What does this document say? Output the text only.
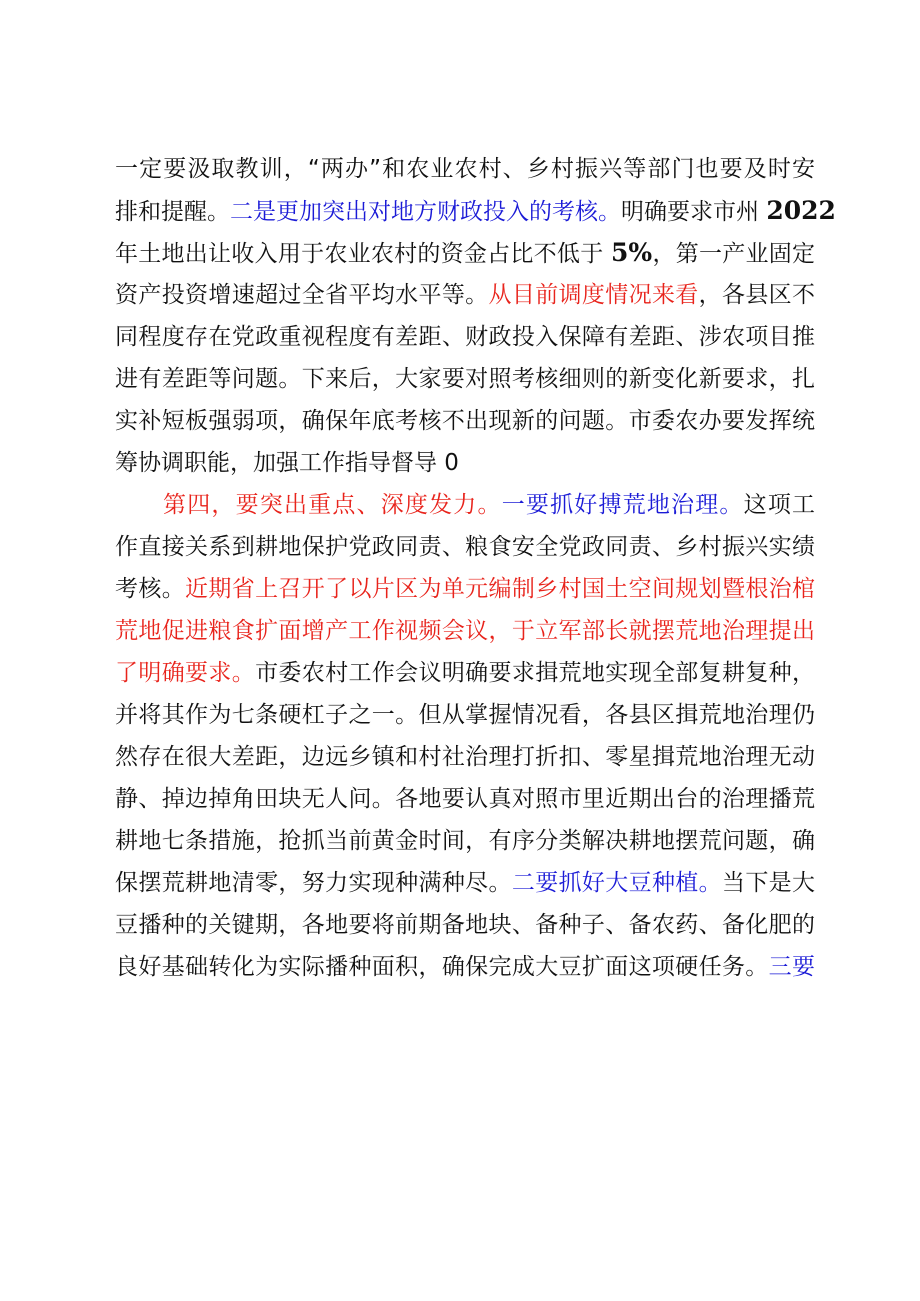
一定要汲取教训，“两办”和农业农村、乡村振兴等部门也要及时安
排和提醒。二是更加突出对地方财政投入的考核。明确要求市州 2022
年土地出让收入用于农业农村的资金占比不低于 5%，第一产业固定
资产投资增速超过全省平均水平等。从目前调度情况来看，各县区不
同程度存在党政重视程度有差距、财政投入保障有差距、涉农项目推
进有差距等问题。下来后，大家要对照考核细则的新变化新要求，扎
实补短板强弱项，确保年底考核不出现新的问题。市委农办要发挥统
筹协调职能，加强工作指导督导 0
第四，要突出重点、深度发力。一要抓好搏荒地治理。这项工
作直接关系到耕地保护党政同责、粮食安全党政同责、乡村振兴实绩
考核。近期省上召开了以片区为单元编制乡村国土空间规划暨根治棺
荒地促进粮食扩面增产工作视频会议，于立军部长就摆荒地治理提出
了明确要求。市委农村工作会议明确要求揖荒地实现全部复耕复种，
并将其作为七条硬杠子之一。但从掌握情况看，各县区揖荒地治理仍
然存在很大差距，边远乡镇和村社治理打折扣、零星揖荒地治理无动
静、掉边掉角田块无人问。各地要认真对照市里近期出台的治理播荒
耕地七条措施，抢抓当前黄金时间，有序分类解决耕地摆荒问题，确
保摆荒耕地清零，努力实现种满种尽。二要抓好大豆种植。当下是大
豆播种的关键期，各地要将前期备地块、备种子、备农药、备化肥的
良好基础转化为实际播种面积，确保完成大豆扩面这项硬任务。三要
